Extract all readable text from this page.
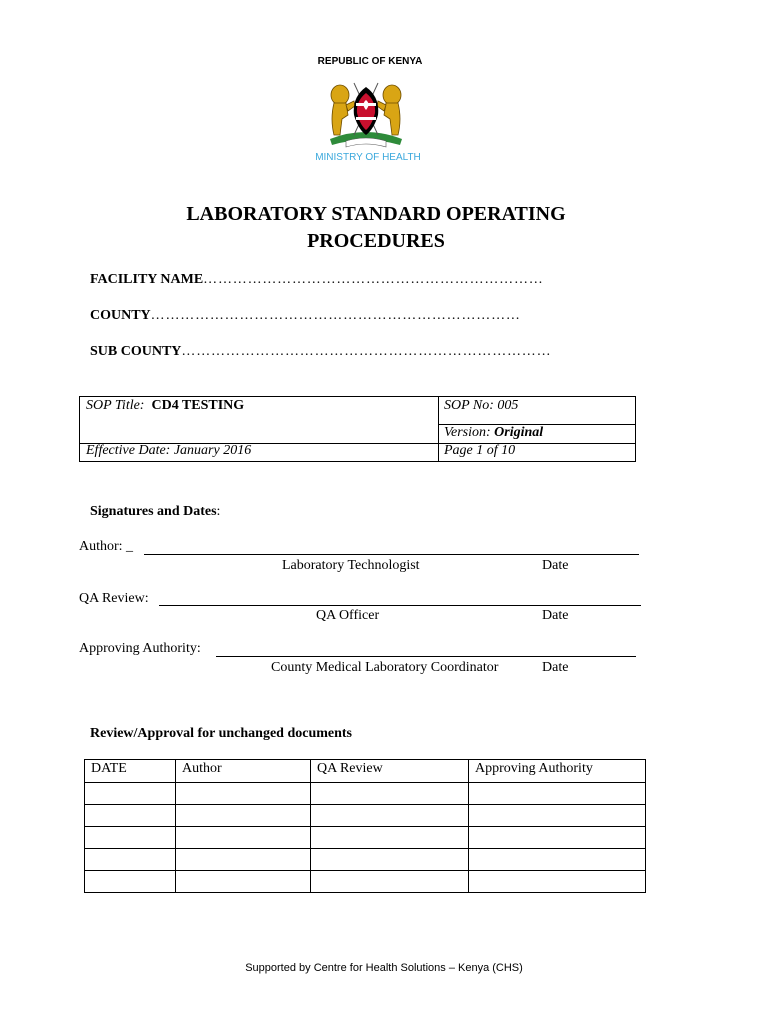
REPUBLIC OF KENYA
MINISTRY OF HEALTH
LABORATORY STANDARD OPERATING
PROCEDURES
FACILITY NAME……………………………………………………………
COUNTY…………………………………………………………………
SUB COUNTY…………………………………………………………………
SOP Title: CD4 TESTING	SOP No: 005
Version: Original
Effective Date: January 2016	Page 1 of 10
Signatures and Dates:
Author: _
Laboratory Technologist	Date
QA Review:
QA Officer	Date
Approving Authority:
County Medical Laboratory Coordinator	Date
Review/Approval for unchanged documents
DATE	Author	QA Review	Approving Authority

Supported by Centre for Health Solutions – Kenya (CHS)
